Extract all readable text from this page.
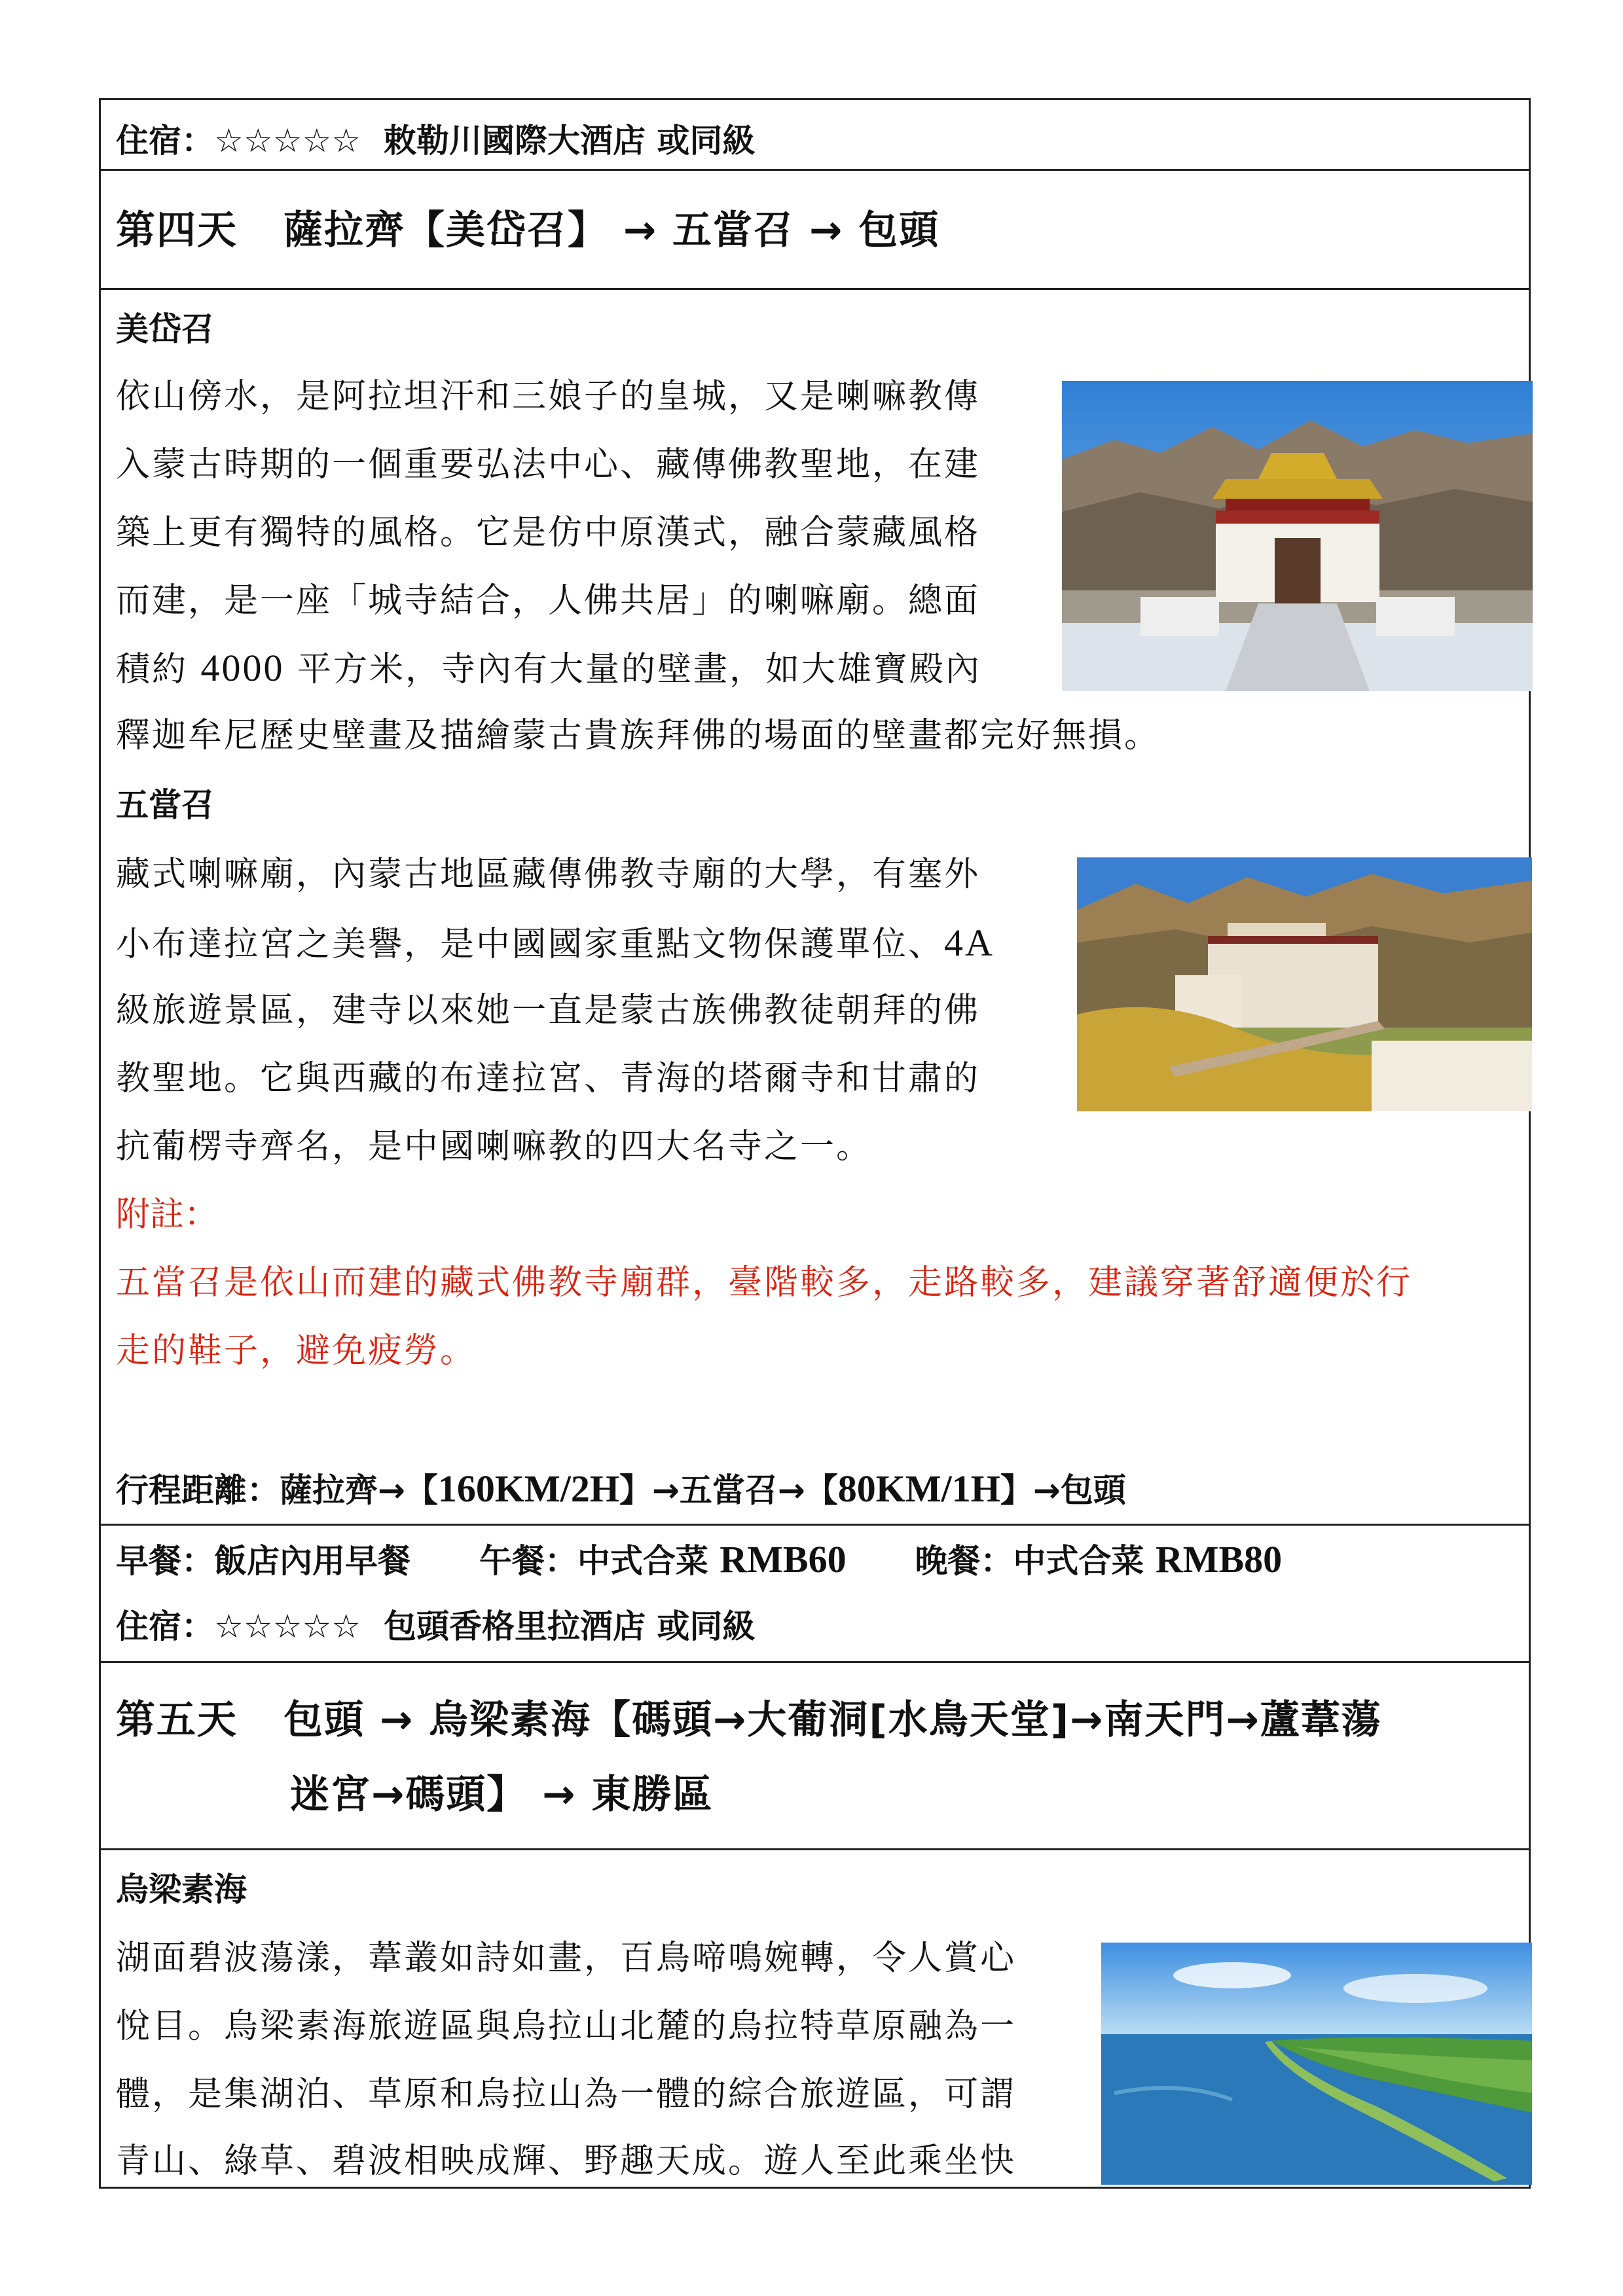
住宿：☆☆☆☆☆ 敕勒川國際大酒店 或同級
第四天 薩拉齊【美岱召】 → 五當召 → 包頭
美岱召
依山傍水，是阿拉坦汗和三娘子的皇城，又是喇嘛教傳
入蒙古時期的一個重要弘法中心、藏傳佛教聖地，在建
築上更有獨特的風格。它是仿中原漢式，融合蒙藏風格
而建，是一座「城寺結合，人佛共居」的喇嘛廟。總面
積約 4000 平方米，寺內有大量的壁畫，如大雄寶殿內
釋迦牟尼歷史壁畫及描繪蒙古貴族拜佛的場面的壁畫都完好無損。
五當召
藏式喇嘛廟，內蒙古地區藏傳佛教寺廟的大學，有塞外
小布達拉宮之美譽，是中國國家重點文物保護單位、4A
級旅遊景區，建寺以來她一直是蒙古族佛教徒朝拜的佛
教聖地。它與西藏的布達拉宮、青海的塔爾寺和甘肅的
抗葡楞寺齊名，是中國喇嘛教的四大名寺之一。
附註：
五當召是依山而建的藏式佛教寺廟群，臺階較多，走路較多，建議穿著舒適便於行
走的鞋子，避免疲勞。
行程距離：薩拉齊→【160KM/2H】→五當召→【80KM/1H】→包頭
早餐：飯店內用早餐 午餐：中式合菜 RMB60 晚餐：中式合菜 RMB80
住宿：☆☆☆☆☆ 包頭香格里拉酒店 或同級
第五天 包頭 → 烏梁素海【碼頭→大葡洞[水鳥天堂]→南天門→蘆葦蕩
迷宮→碼頭】 → 東勝區
烏梁素海
湖面碧波蕩漾，葦叢如詩如畫，百鳥啼鳴婉轉，令人賞心
悅目。烏梁素海旅遊區與烏拉山北麓的烏拉特草原融為一
體，是集湖泊、草原和烏拉山為一體的綜合旅遊區，可謂
青山、綠草、碧波相映成輝、野趣天成。遊人至此乘坐快
